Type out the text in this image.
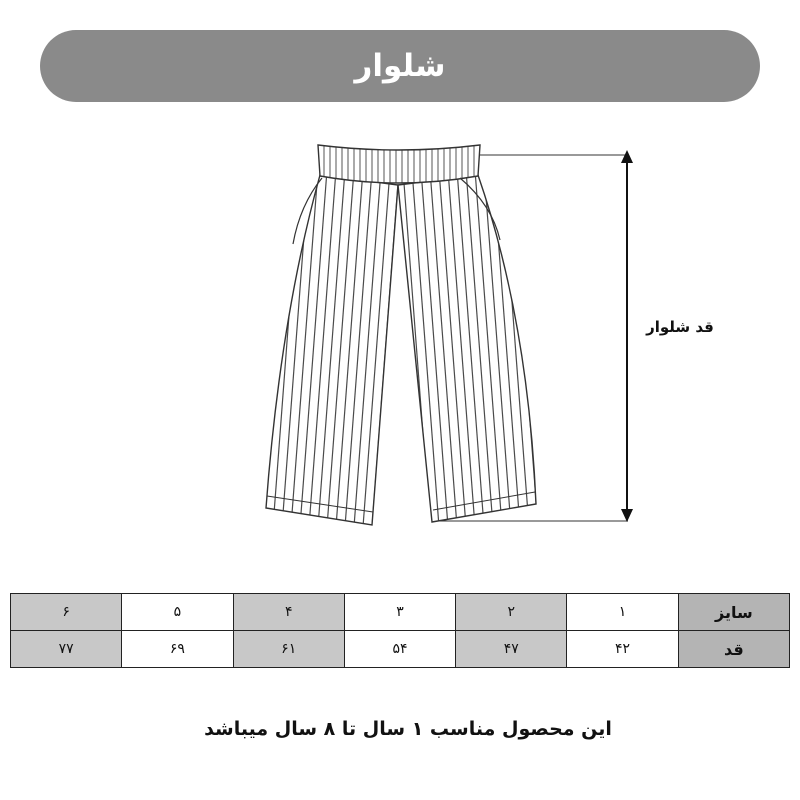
شلوار
قد شلوار
۶	۵	۴	۳	۲	۱	سایز
۷۷	۶۹	۶۱	۵۴	۴۷	۴۲	قد
این محصول مناسب ۱ سال تا ۸ سال میباشد
